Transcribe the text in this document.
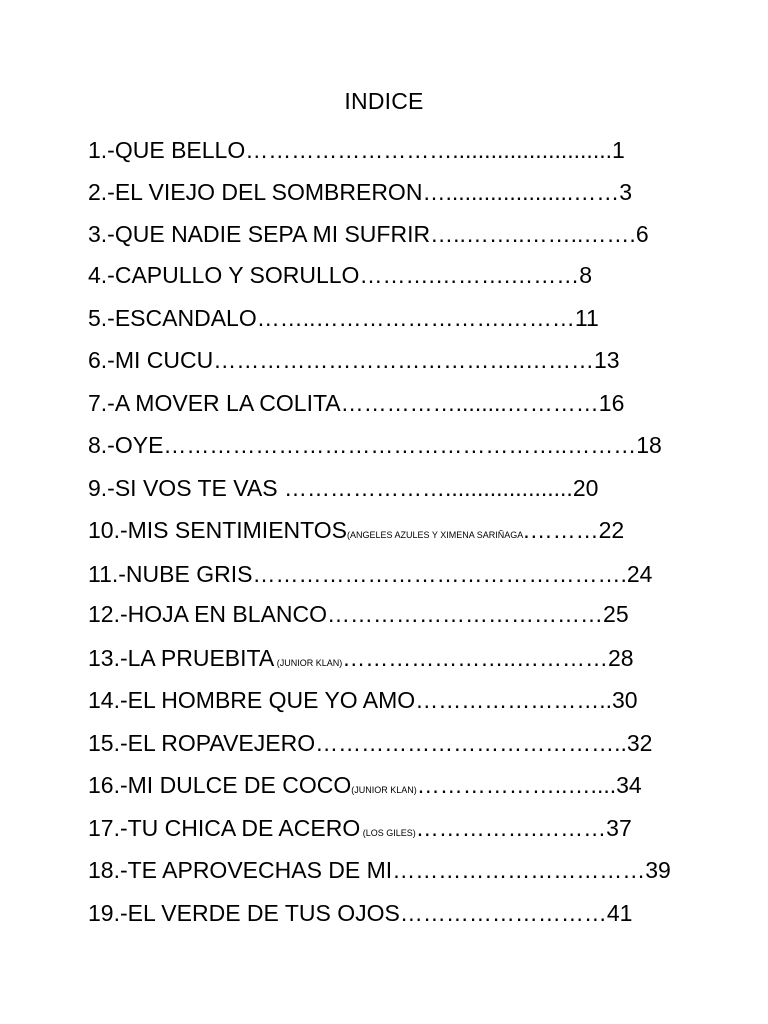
INDICE
1.-QUE BELLO……………………….........................1
2.-EL VIEJO DEL SOMBRERON…....................……3
3.-QUE NADIE SEPA MI SUFRIR…..……..……..…….6
4.-CAPULLO Y SORULLO……….……….………8
5.-ESCANDALO……..…………………….………11
6.-MI CUCU…………………………………..………13
7.-A MOVER LA COLITA……………........…………16
8.-OYE……………………………………………..………18
9.-SI VOS TE VAS …………………....................20
10.-MIS SENTIMIENTOS(ANGELES AZULES Y XIMENA SARIÑAGA.………22
11.-NUBE GRIS………………………………………….24
12.-HOJA EN BLANCO………………………………25
13.-LA PRUEBITA (JUNIOR KLAN)…………………..…………28
14.-EL HOMBRE QUE YO AMO……………………..30
15.-EL ROPAVEJERO…………………………………..32
16.-MI DULCE DE COCO(JUNIOR KLAN)………………..…....34
17.-TU CHICA DE ACERO (LOS GILES)…………….………37
18.-TE APROVECHAS DE MI……………………………39
19.-EL VERDE DE TUS OJOS………………………41
